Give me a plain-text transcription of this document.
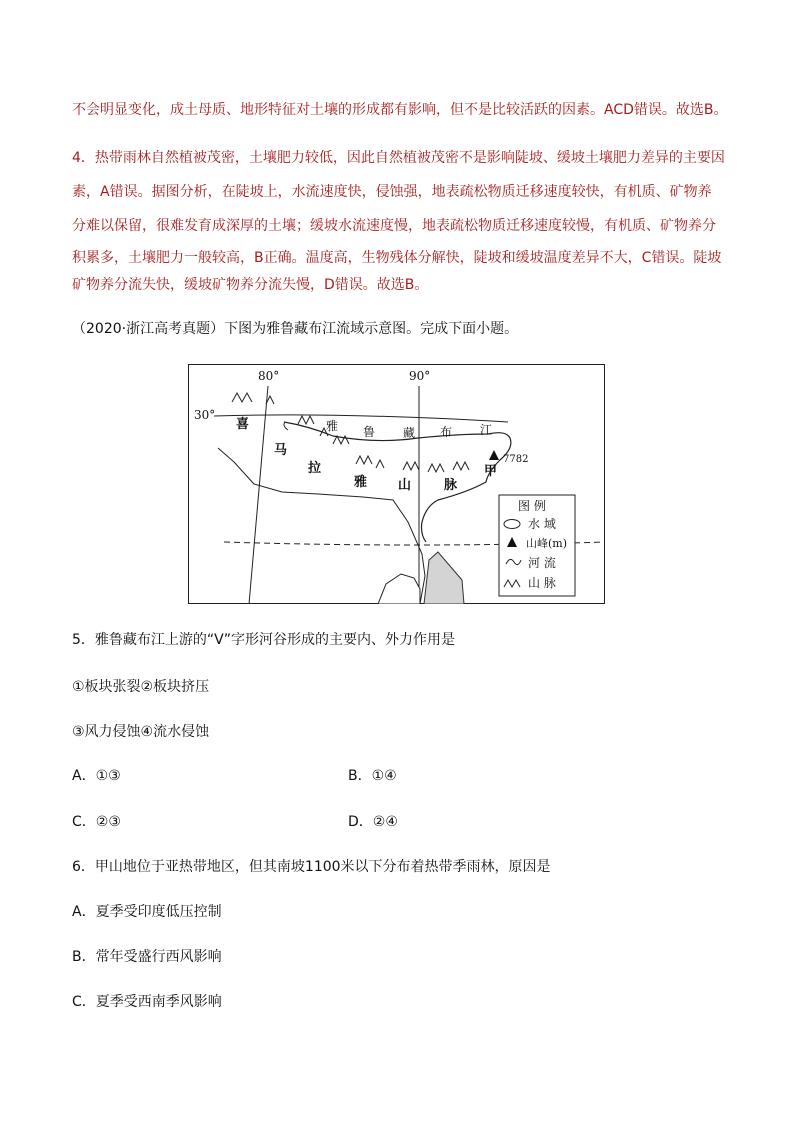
不会明显变化，成土母质、地形特征对土壤的形成都有影响，但不是比较活跃的因素。ACD错误。故选B。

4．热带雨林自然植被茂密，土壤肥力较低，因此自然植被茂密不是影响陡坡、缓坡土壤肥力差异的主要因

素，A错误。据图分析，在陡坡上，水流速度快，侵蚀强，地表疏松物质迁移速度较快，有机质、矿物养

分难以保留，很难发育成深厚的土壤；缓坡水流速度慢，地表疏松物质迁移速度较慢，有机质、矿物养分

积累多，土壤肥力一般较高，B正确。温度高，生物残体分解快，陡坡和缓坡温度差异不大，C错误。陡坡

矿物养分流失快，缓坡矿物养分流失慢，D错误。故选B。

（2020·浙江高考真题）下图为雅鲁藏布江流域示意图。完成下面小题。

80°	90°
30°
喜
马
拉
雅 山	脉
雅 鲁 藏 布 江
甲
7782
图 例
水 域
山峰(m)
河 流
山 脉

5．雅鲁藏布江上游的“V”字形河谷形成的主要内、外力作用是

①板块张裂②板块挤压

③风力侵蚀④流水侵蚀

A．①③	B．①④
C．②③	D．②④

6．甲山地位于亚热带地区，但其南坡1100米以下分布着热带季雨林，原因是

A．夏季受印度低压控制
B．常年受盛行西风影响
C．夏季受西南季风影响
